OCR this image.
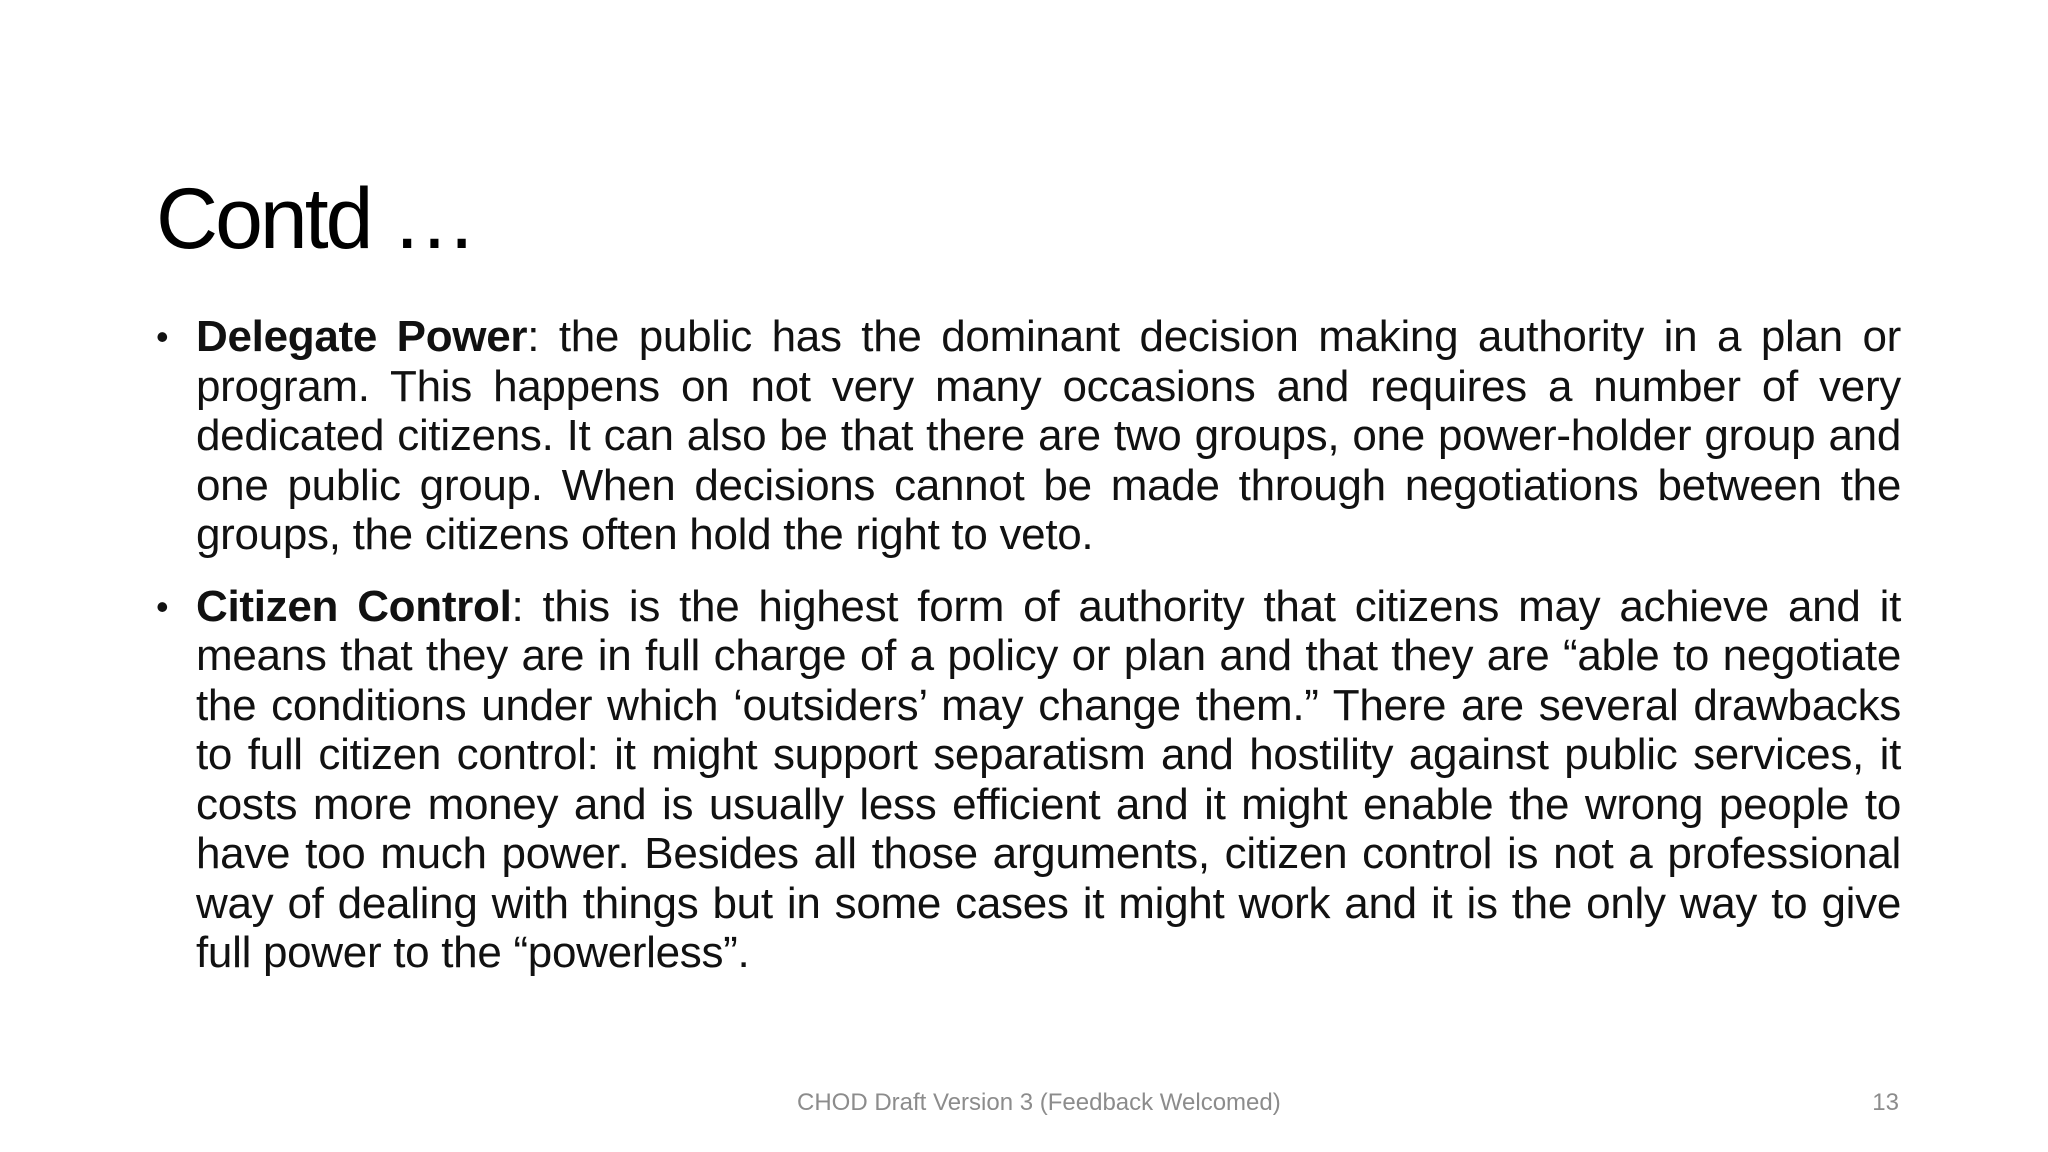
Contd …
• Delegate Power: the public has the dominant decision making authority in a plan or program. This happens on not very many occasions and requires a number of very dedicated citizens. It can also be that there are two groups, one power-holder group and one public group. When decisions cannot be made through negotiations between the groups, the citizens often hold the right to veto.
• Citizen Control: this is the highest form of authority that citizens may achieve and it means that they are in full charge of a policy or plan and that they are “able to negotiate the conditions under which ‘outsiders’ may change them.” There are several drawbacks to full citizen control: it might support separatism and hostility against public services, it costs more money and is usually less efficient and it might enable the wrong people to have too much power. Besides all those arguments, citizen control is not a professional way of dealing with things but in some cases it might work and it is the only way to give full power to the “powerless”.
CHOD Draft Version 3 (Feedback Welcomed)	13
